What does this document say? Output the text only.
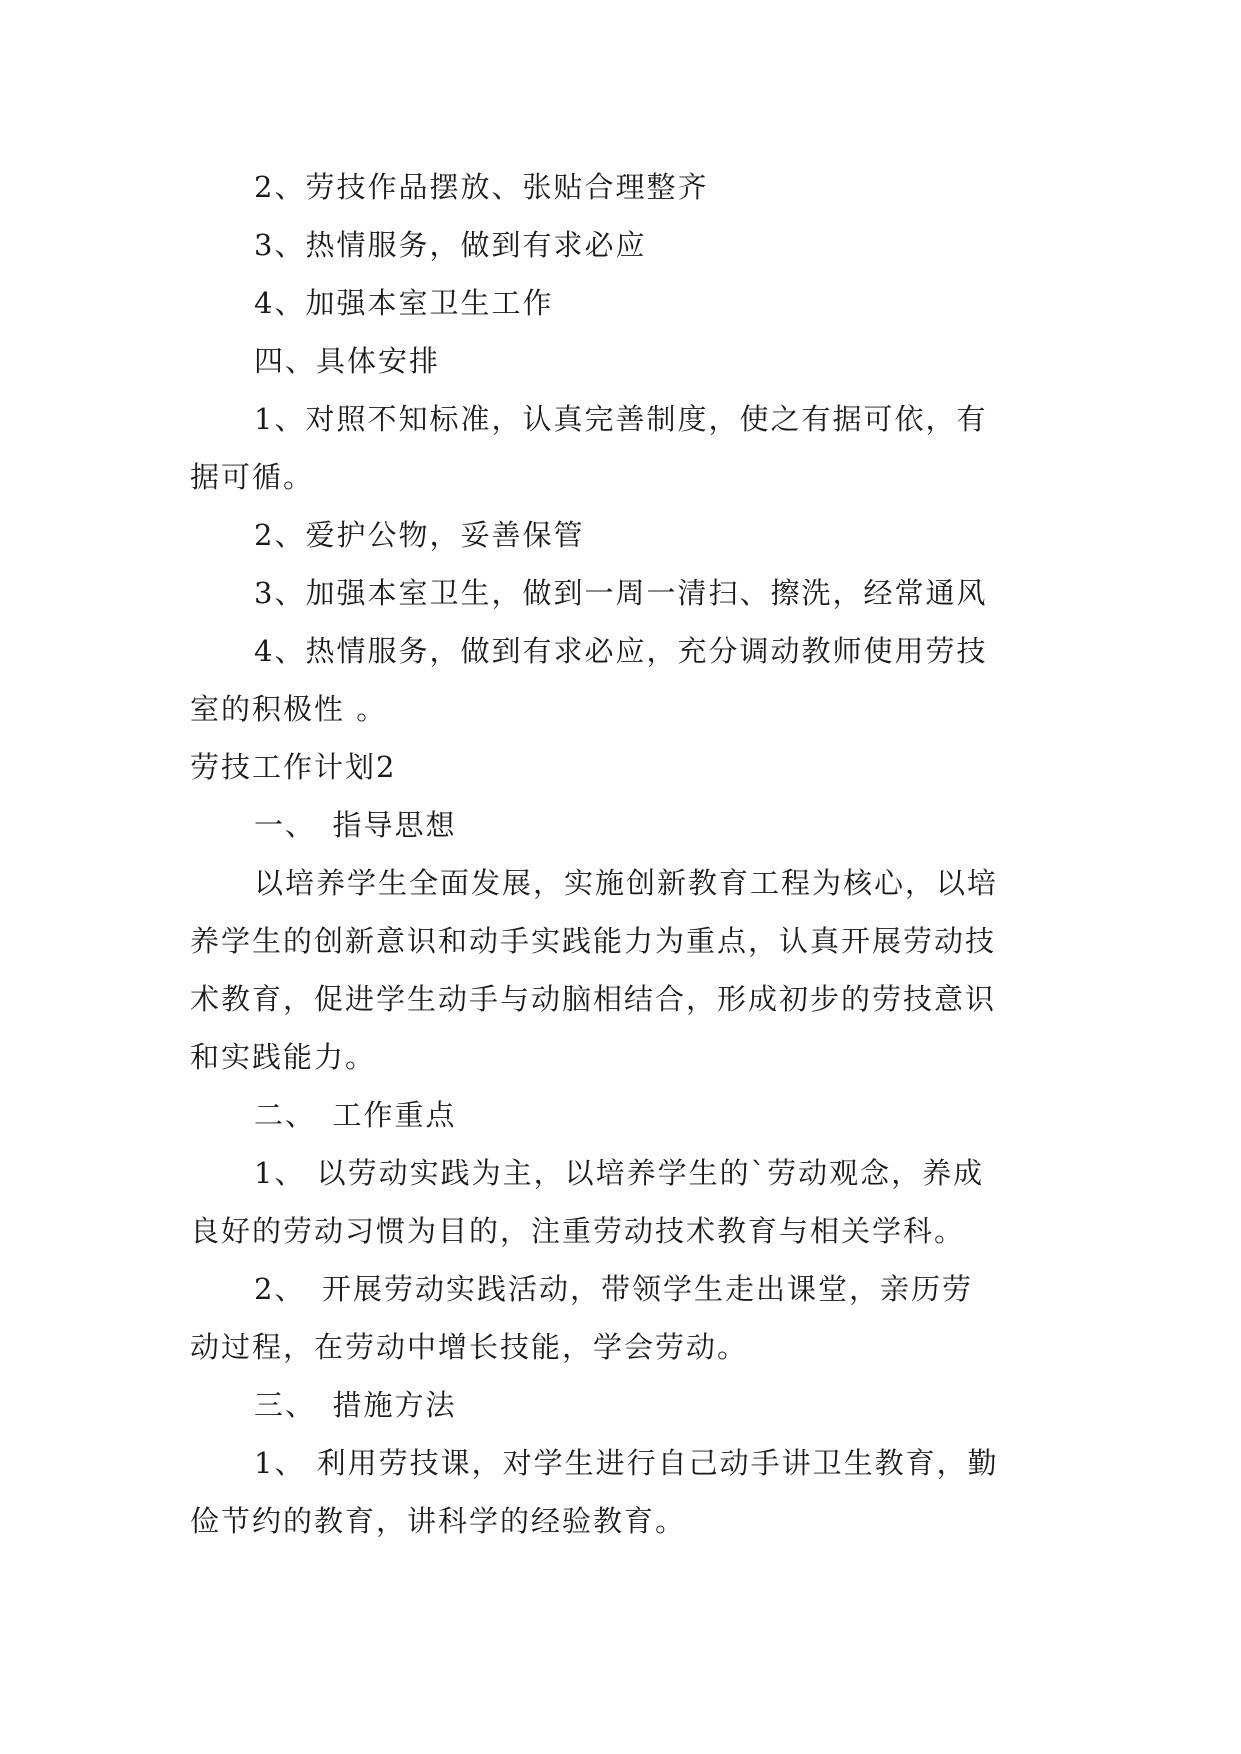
2、劳技作品摆放、张贴合理整齐

3、热情服务，做到有求必应

4、加强本室卫生工作

四、具体安排

1、对照不知标准，认真完善制度，使之有据可依，有

据可循。

2、爱护公物，妥善保管

3、加强本室卫生，做到一周一清扫、擦洗，经常通风

4、热情服务，做到有求必应，充分调动教师使用劳技

室的积极性 。

劳技工作计划2

一、　指导思想

以培养学生全面发展，实施创新教育工程为核心，以培

养学生的创新意识和动手实践能力为重点，认真开展劳动技

术教育，促进学生动手与动脑相结合，形成初步的劳技意识

和实践能力。

二、　工作重点

1、 以劳动实践为主，以培养学生的`劳动观念，养成

良好的劳动习惯为目的，注重劳动技术教育与相关学科。

2、　开展劳动实践活动，带领学生走出课堂，亲历劳

动过程，在劳动中增长技能，学会劳动。

三、　措施方法

1、 利用劳技课，对学生进行自己动手讲卫生教育，勤

俭节约的教育，讲科学的经验教育。
